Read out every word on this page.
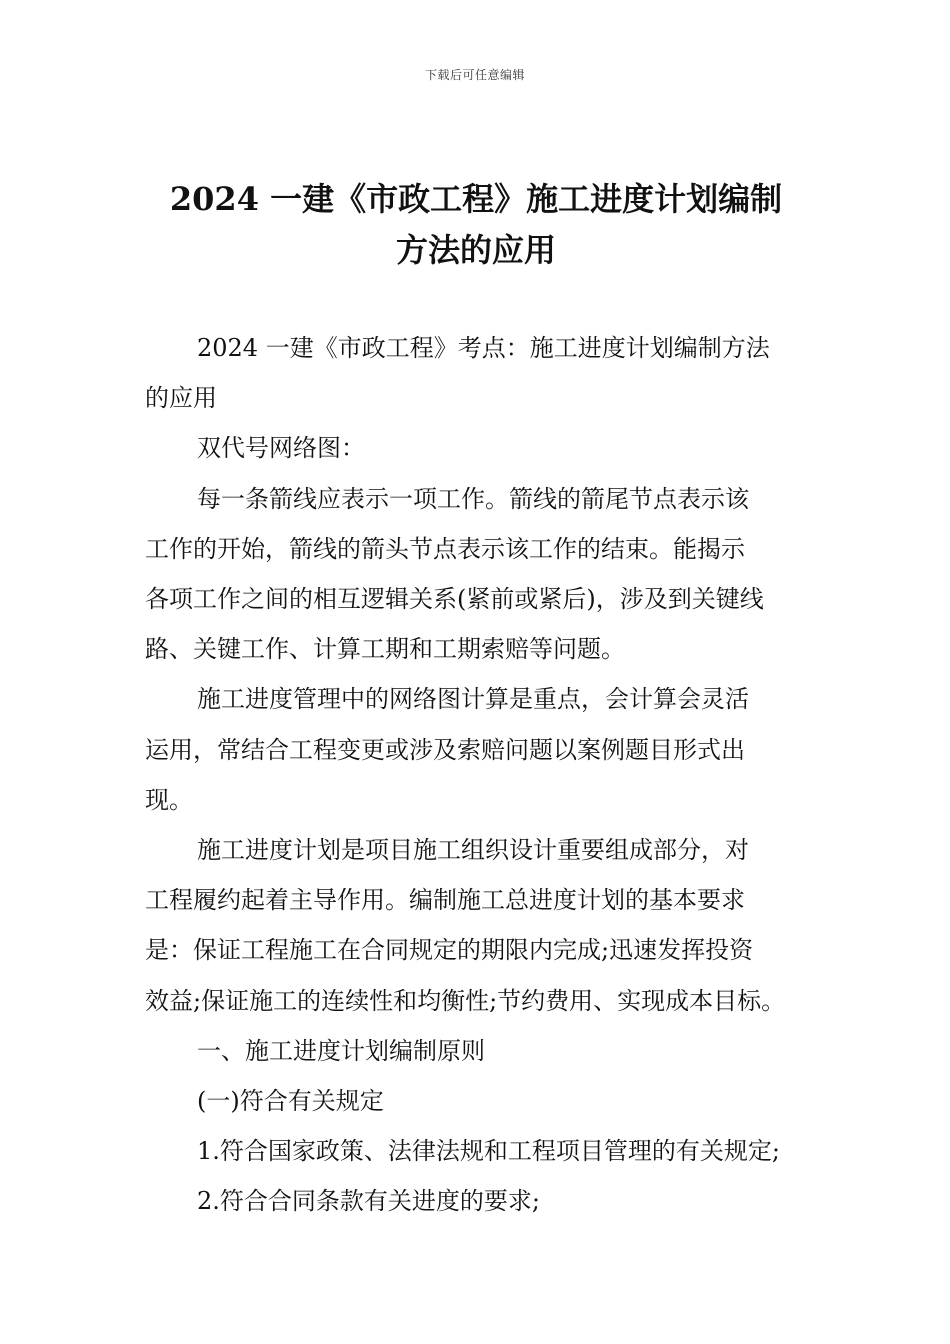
下载后可任意编辑
2024 一建《市政工程》施工进度计划编制
方法的应用

2024 一建《市政工程》考点：施工进度计划编制方法
的应用

双代号网络图：

每一条箭线应表示一项工作。箭线的箭尾节点表示该
工作的开始，箭线的箭头节点表示该工作的结束。能揭示
各项工作之间的相互逻辑关系(紧前或紧后)，涉及到关键线
路、关键工作、计算工期和工期索赔等问题。

施工进度管理中的网络图计算是重点，会计算会灵活
运用，常结合工程变更或涉及索赔问题以案例题目形式出
现。

施工进度计划是项目施工组织设计重要组成部分，对
工程履约起着主导作用。编制施工总进度计划的基本要求
是：保证工程施工在合同规定的期限内完成;迅速发挥投资
效益;保证施工的连续性和均衡性;节约费用、实现成本目标。

一、施工进度计划编制原则

(一)符合有关规定

1.符合国家政策、法律法规和工程项目管理的有关规定;

2.符合合同条款有关进度的要求;
